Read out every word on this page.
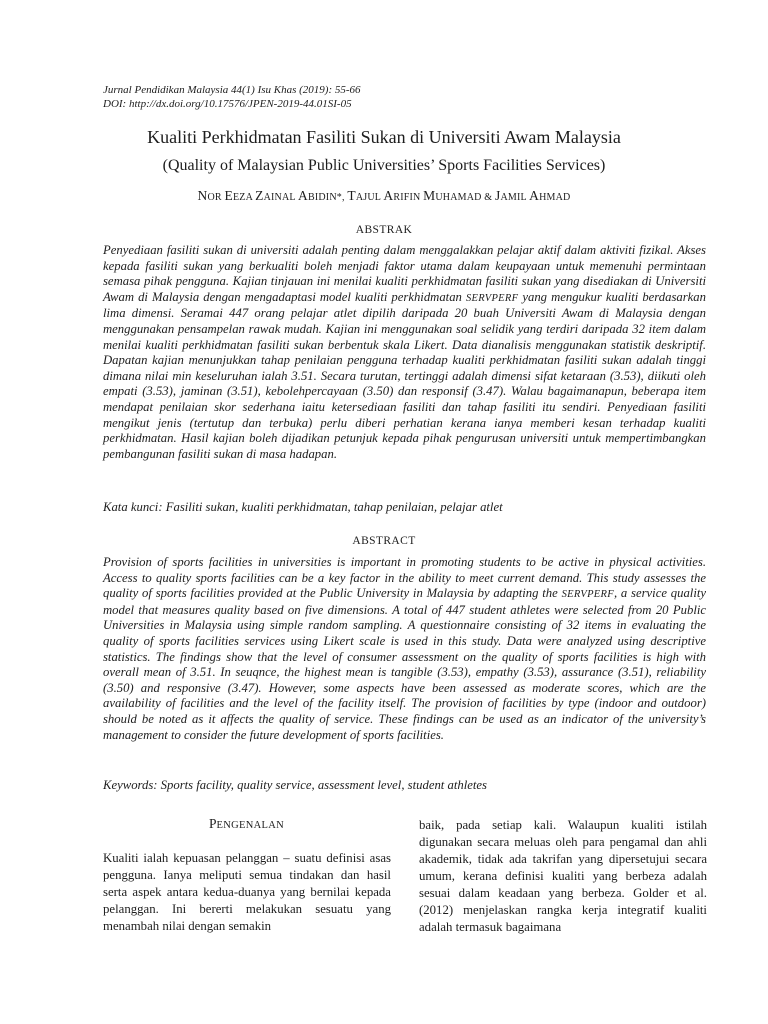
Jurnal Pendidikan Malaysia 44(1) Isu Khas (2019): 55-66
DOI: http://dx.doi.org/10.17576/JPEN-2019-44.01SI-05
Kualiti Perkhidmatan Fasiliti Sukan di Universiti Awam Malaysia
(Quality of Malaysian Public Universities’ Sports Facilities Services)
NOR EEZA ZAINAL ABIDIN*, TAJUL ARIFIN MUHAMAD & JAMIL AHMAD
ABSTRAK

Penyediaan fasiliti sukan di universiti adalah penting dalam menggalakkan pelajar aktif dalam aktiviti fizikal. Akses kepada fasiliti sukan yang berkualiti boleh menjadi faktor utama dalam keupayaan untuk memenuhi permintaan semasa pihak pengguna. Kajian tinjauan ini menilai kualiti perkhidmatan fasiliti sukan yang disediakan di Universiti Awam di Malaysia dengan mengadaptasi model kualiti perkhidmatan SERVPERF yang mengukur kualiti berdasarkan lima dimensi. Seramai 447 orang pelajar atlet dipilih daripada 20 buah Universiti Awam di Malaysia dengan menggunakan pensampelan rawak mudah. Kajian ini menggunakan soal selidik yang terdiri daripada 32 item dalam menilai kualiti perkhidmatan fasiliti sukan berbentuk skala Likert. Data dianalisis menggunakan statistik deskriptif. Dapatan kajian menunjukkan tahap penilaian pengguna terhadap kualiti perkhidmatan fasiliti sukan adalah tinggi dimana nilai min keseluruhan ialah 3.51. Secara turutan, tertinggi adalah dimensi sifat ketaraan (3.53), diikuti oleh empati (3.53), jaminan (3.51), kebolehpercayaan (3.50) dan responsif (3.47). Walau bagaimanapun, beberapa item mendapat penilaian skor sederhana iaitu ketersediaan fasiliti dan tahap fasiliti itu sendiri. Penyediaan fasiliti mengikut jenis (tertutup dan terbuka) perlu diberi perhatian kerana ianya memberi kesan terhadap kualiti perkhidmatan. Hasil kajian boleh dijadikan petunjuk kepada pihak pengurusan universiti untuk mempertimbangkan pembangunan fasiliti sukan di masa hadapan.

Kata kunci: Fasiliti sukan, kualiti perkhidmatan, tahap penilaian, pelajar atlet

ABSTRACT

Provision of sports facilities in universities is important in promoting students to be active in physical activities. Access to quality sports facilities can be a key factor in the ability to meet current demand. This study assesses the quality of sports facilities provided at the Public University in Malaysia by adapting the SERVPERF, a service quality model that measures quality based on five dimensions. A total of 447 student athletes were selected from 20 Public Universities in Malaysia using simple random sampling. A questionnaire consisting of 32 items in evaluating the quality of sports facilities services using Likert scale is used in this study. Data were analyzed using descriptive statistics. The findings show that the level of consumer assessment on the quality of sports facilities is high with overall mean of 3.51. In seuqnce, the highest mean is tangible (3.53), empathy (3.53), assurance (3.51), reliability (3.50) and responsive (3.47). However, some aspects have been assessed as moderate scores, which are the availability of facilities and the level of the facility itself. The provision of facilities by type (indoor and outdoor) should be noted as it affects the quality of service. These findings can be used as an indicator of the university’s management to consider the future development of sports facilities.

Keywords: Sports facility, quality service, assessment level, student athletes

PENGENALAN

Kualiti ialah kepuasan pelanggan – suatu definisi asas pengguna. Ianya meliputi semua tindakan dan hasil serta aspek antara kedua-duanya yang bernilai kepada pelanggan. Ini bererti melakukan sesuatu yang menambah nilai dengan semakin

baik, pada setiap kali. Walaupun kualiti istilah digunakan secara meluas oleh para pengamal dan ahli akademik, tidak ada takrifan yang dipersetujui secara umum, kerana definisi kualiti yang berbeza adalah sesuai dalam keadaan yang berbeza. Golder et al. (2012) menjelaskan rangka kerja integratif kualiti adalah termasuk bagaimana
